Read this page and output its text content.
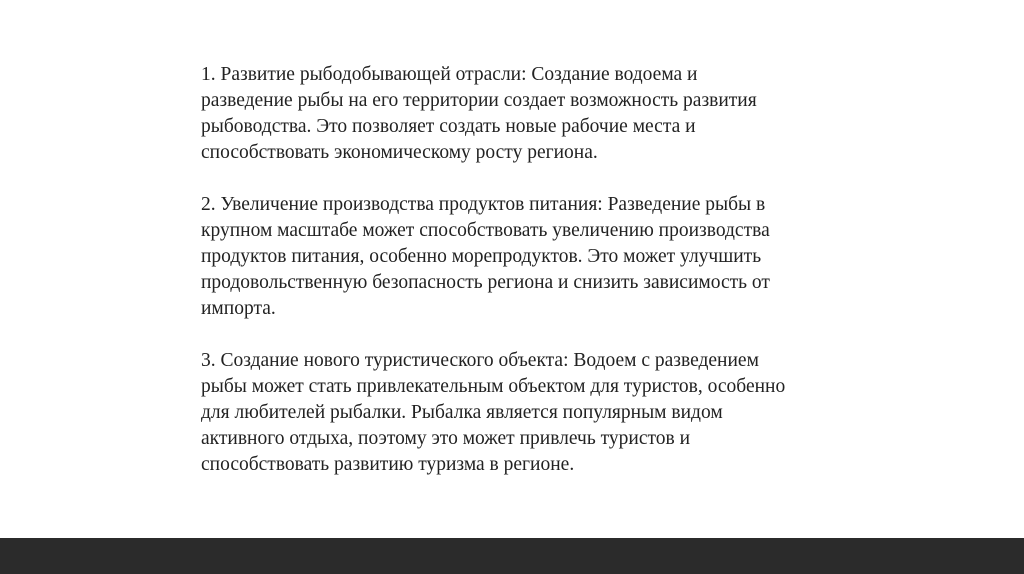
1. Развитие рыбодобывающей отрасли: Создание водоема и
разведение рыбы на его территории создает возможность развития
рыбоводства. Это позволяет создать новые рабочие места и
способствовать экономическому росту региона.

2. Увеличение производства продуктов питания: Разведение рыбы в
крупном масштабе может способствовать увеличению производства
продуктов питания, особенно морепродуктов. Это может улучшить
продовольственную безопасность региона и снизить зависимость от
импорта.

3. Создание нового туристического объекта: Водоем с разведением
рыбы может стать привлекательным объектом для туристов, особенно
для любителей рыбалки. Рыбалка является популярным видом
активного отдыха, поэтому это может привлечь туристов и
способствовать развитию туризма в регионе.
